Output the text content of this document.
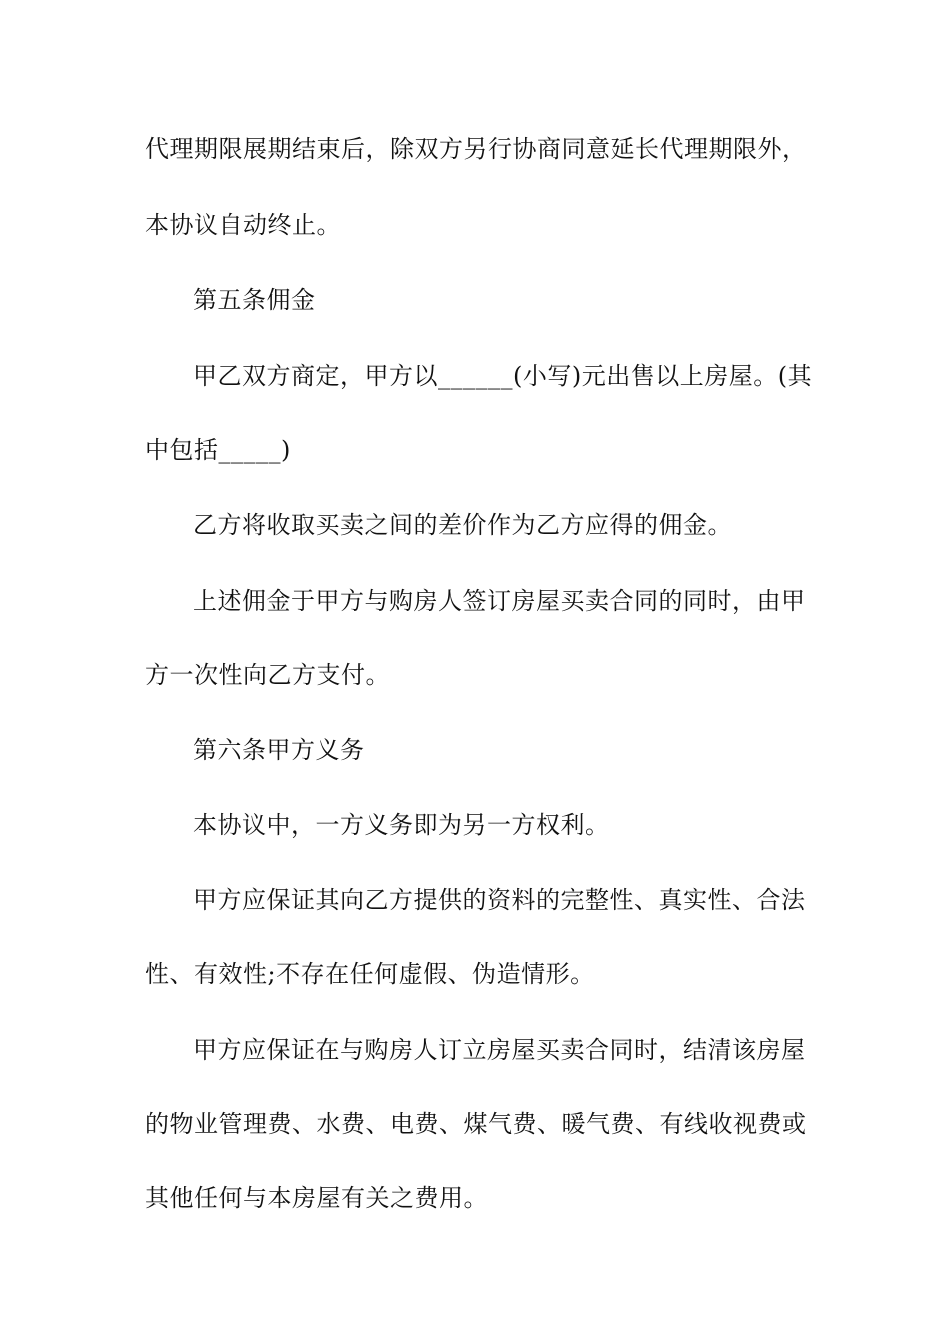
代理期限展期结束后，除双方另行协商同意延长代理期限外，
本协议自动终止。
第五条佣金
甲乙双方商定，甲方以______(小写)元出售以上房屋。(其
中包括_____)
乙方将收取买卖之间的差价作为乙方应得的佣金。
上述佣金于甲方与购房人签订房屋买卖合同的同时，由甲
方一次性向乙方支付。
第六条甲方义务
本协议中，一方义务即为另一方权利。
甲方应保证其向乙方提供的资料的完整性、真实性、合法
性、有效性;不存在任何虚假、伪造情形。
甲方应保证在与购房人订立房屋买卖合同时，结清该房屋
的物业管理费、水费、电费、煤气费、暖气费、有线收视费或
其他任何与本房屋有关之费用。
